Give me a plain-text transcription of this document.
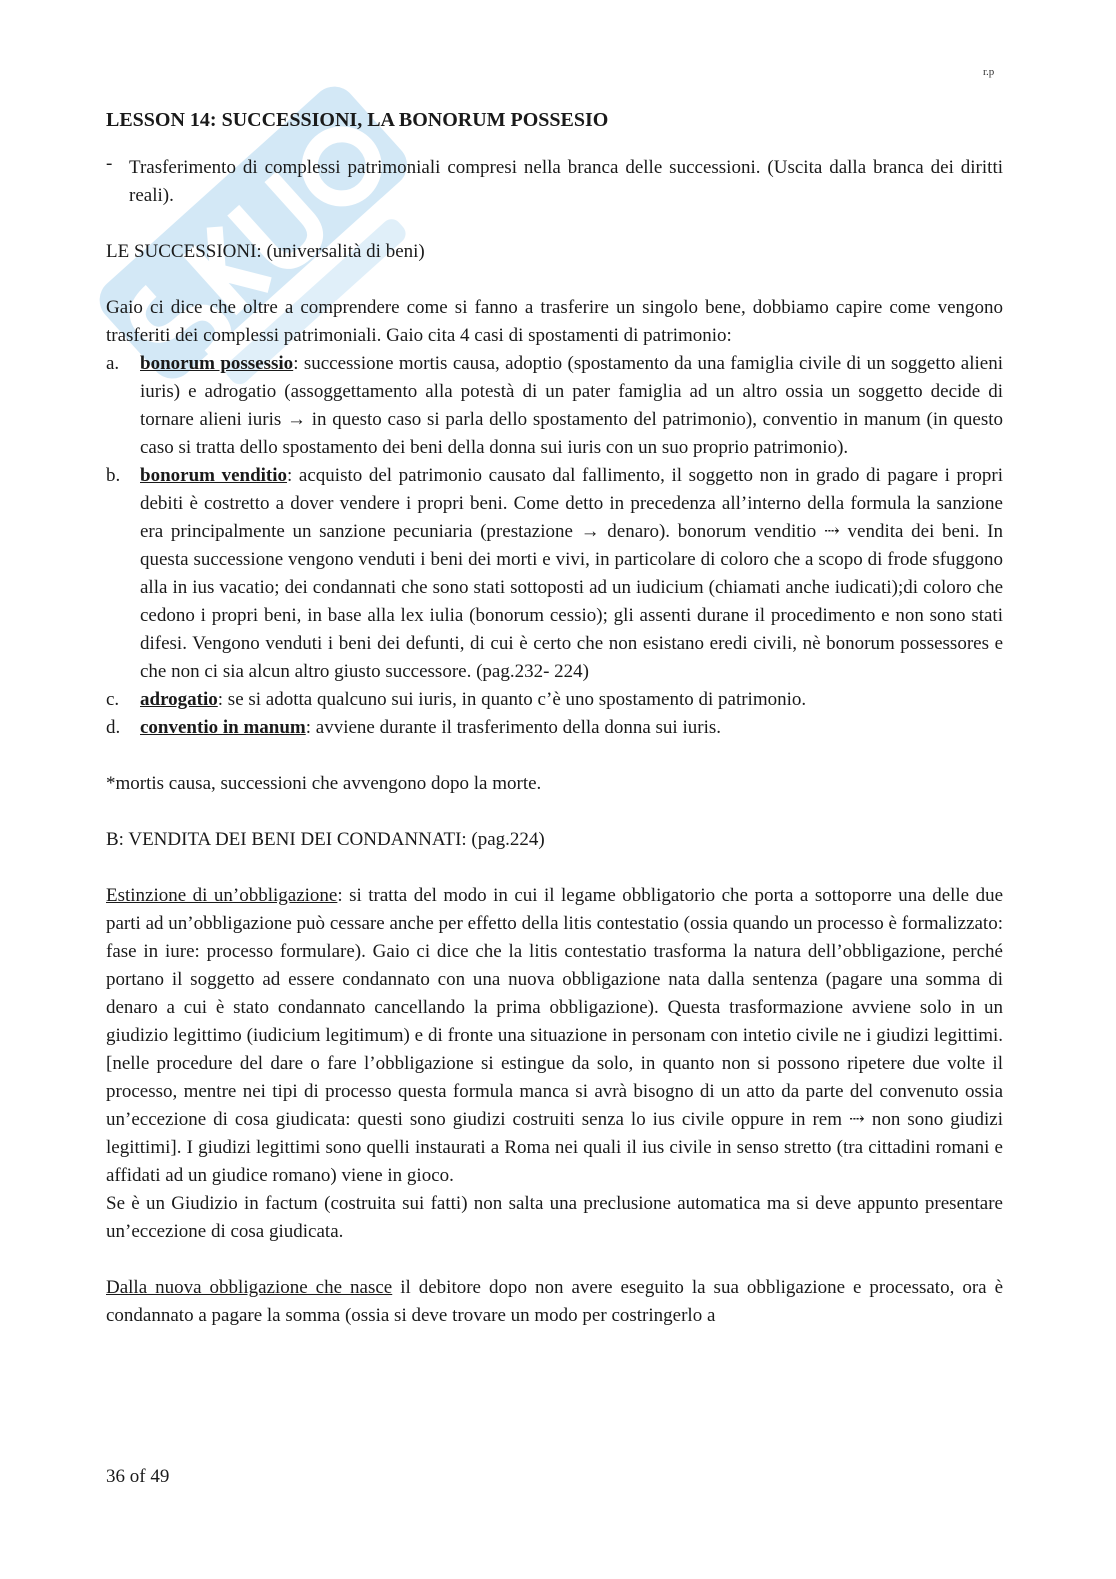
r.p

LESSON 14: SUCCESSIONI, LA BONORUM POSSESIO

- Trasferimento di complessi patrimoniali compresi nella branca delle successioni. (Uscita dalla branca dei diritti reali).

LE SUCCESSIONI: (universalità di beni)

Gaio ci dice che oltre a comprendere come si fanno a trasferire un singolo bene, dobbiamo capire come vengono trasferiti dei complessi patrimoniali. Gaio cita 4 casi di spostamenti di patrimonio:

a. bonorum possessio: successione mortis causa, adoptio (spostamento da una famiglia civile di un soggetto alieni iuris) e adrogatio (assoggettamento alla potestà di un pater famiglia ad un altro ossia un soggetto decide di tornare alieni iuris → in questo caso si parla dello spostamento del patrimonio), conventio in manum (in questo caso si tratta dello spostamento dei beni della donna sui iuris con un suo proprio patrimonio).
b. bonorum venditio: acquisto del patrimonio causato dal fallimento, il soggetto non in grado di pagare i propri debiti è costretto a dover vendere i propri beni. Come detto in precedenza all’interno della formula la sanzione era principalmente un sanzione pecuniaria (prestazione → denaro). bonorum venditio ⇢ vendita dei beni. In questa successione vengono venduti i beni dei morti e vivi, in particolare di coloro che a scopo di frode sfuggono alla in ius vacatio; dei condannati che sono stati sottoposti ad un iudicium (chiamati anche iudicati);di coloro che cedono i propri beni, in base alla lex iulia (bonorum cessio); gli assenti durane il procedimento e non sono stati difesi. Vengono venduti i beni dei defunti, di cui è certo che non esistano eredi civili, nè bonorum possessores e che non ci sia alcun altro giusto successore. (pag.232- 224)
c. adrogatio: se si adotta qualcuno sui iuris, in quanto c’è uno spostamento di patrimonio.
d. conventio in manum: avviene durante il trasferimento della donna sui iuris.

*mortis causa, successioni che avvengono dopo la morte.

B: VENDITA DEI BENI DEI CONDANNATI: (pag.224)

Estinzione di un’obbligazione: si tratta del modo in cui il legame obbligatorio che porta a sottoporre una delle due parti ad un’obbligazione può cessare anche per effetto della litis contestatio (ossia quando un processo è formalizzato: fase in iure: processo formulare). Gaio ci dice che la litis contestatio trasforma la natura dell’obbligazione, perché portano il soggetto ad essere condannato con una nuova obbligazione nata dalla sentenza (pagare una somma di denaro a cui è stato condannato cancellando la prima obbligazione). Questa trasformazione avviene solo in un giudizio legittimo (iudicium legitimum) e di fronte una situazione in personam con intetio civile ne i giudizi legittimi. [nelle procedure del dare o fare l’obbligazione si estingue da solo, in quanto non si possono ripetere due volte il processo, mentre nei tipi di processo questa formula manca si avrà bisogno di un atto da parte del convenuto ossia un’eccezione di cosa giudicata: questi sono giudizi costruiti senza lo ius civile oppure in rem ⇢ non sono giudizi legittimi]. I giudizi legittimi sono quelli instaurati a Roma nei quali il ius civile in senso stretto (tra cittadini romani e affidati ad un giudice romano) viene in gioco.

Se è un Giudizio in factum (costruita sui fatti) non salta una preclusione automatica ma si deve appunto presentare un’eccezione di cosa giudicata.

Dalla nuova obbligazione che nasce il debitore dopo non avere eseguito la sua obbligazione e processato, ora è condannato a pagare la somma (ossia si deve trovare un modo per costringerlo a

36 of 49
